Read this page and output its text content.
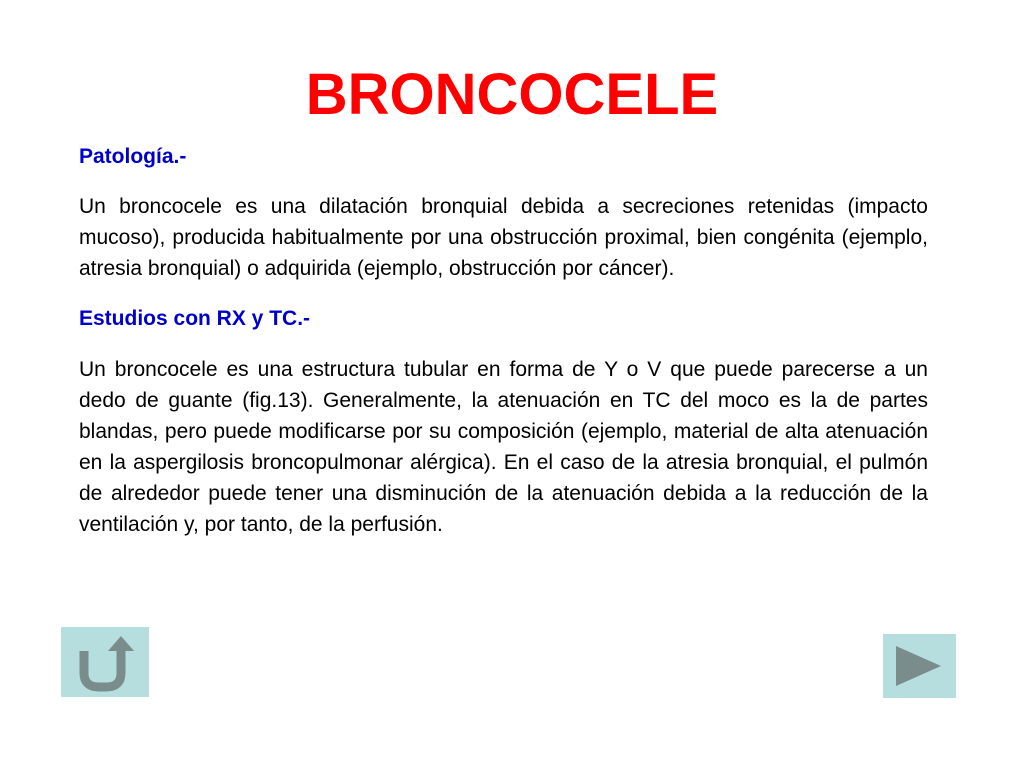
BRONCOCELE

Patología.-

Un broncocele es una dilatación bronquial debida a secreciones retenidas (impacto mucoso), producida habitualmente por una obstrucción proximal, bien congénita (ejemplo, atresia bronquial) o adquirida (ejemplo, obstrucción por cáncer).

Estudios con RX y TC.-

Un broncocele es una estructura tubular en forma de Y o V que puede parecerse a un dedo de guante (fig.13). Generalmente, la atenuación en TC del moco es la de partes blandas, pero puede modificarse por su composición (ejemplo, material de alta atenuación en la aspergilosis broncopulmonar alérgica). En el caso de la atresia bronquial, el pulmón de alrededor puede tener una disminución de la atenuación debida a la reducción de la ventilación y, por tanto, de la perfusión.
